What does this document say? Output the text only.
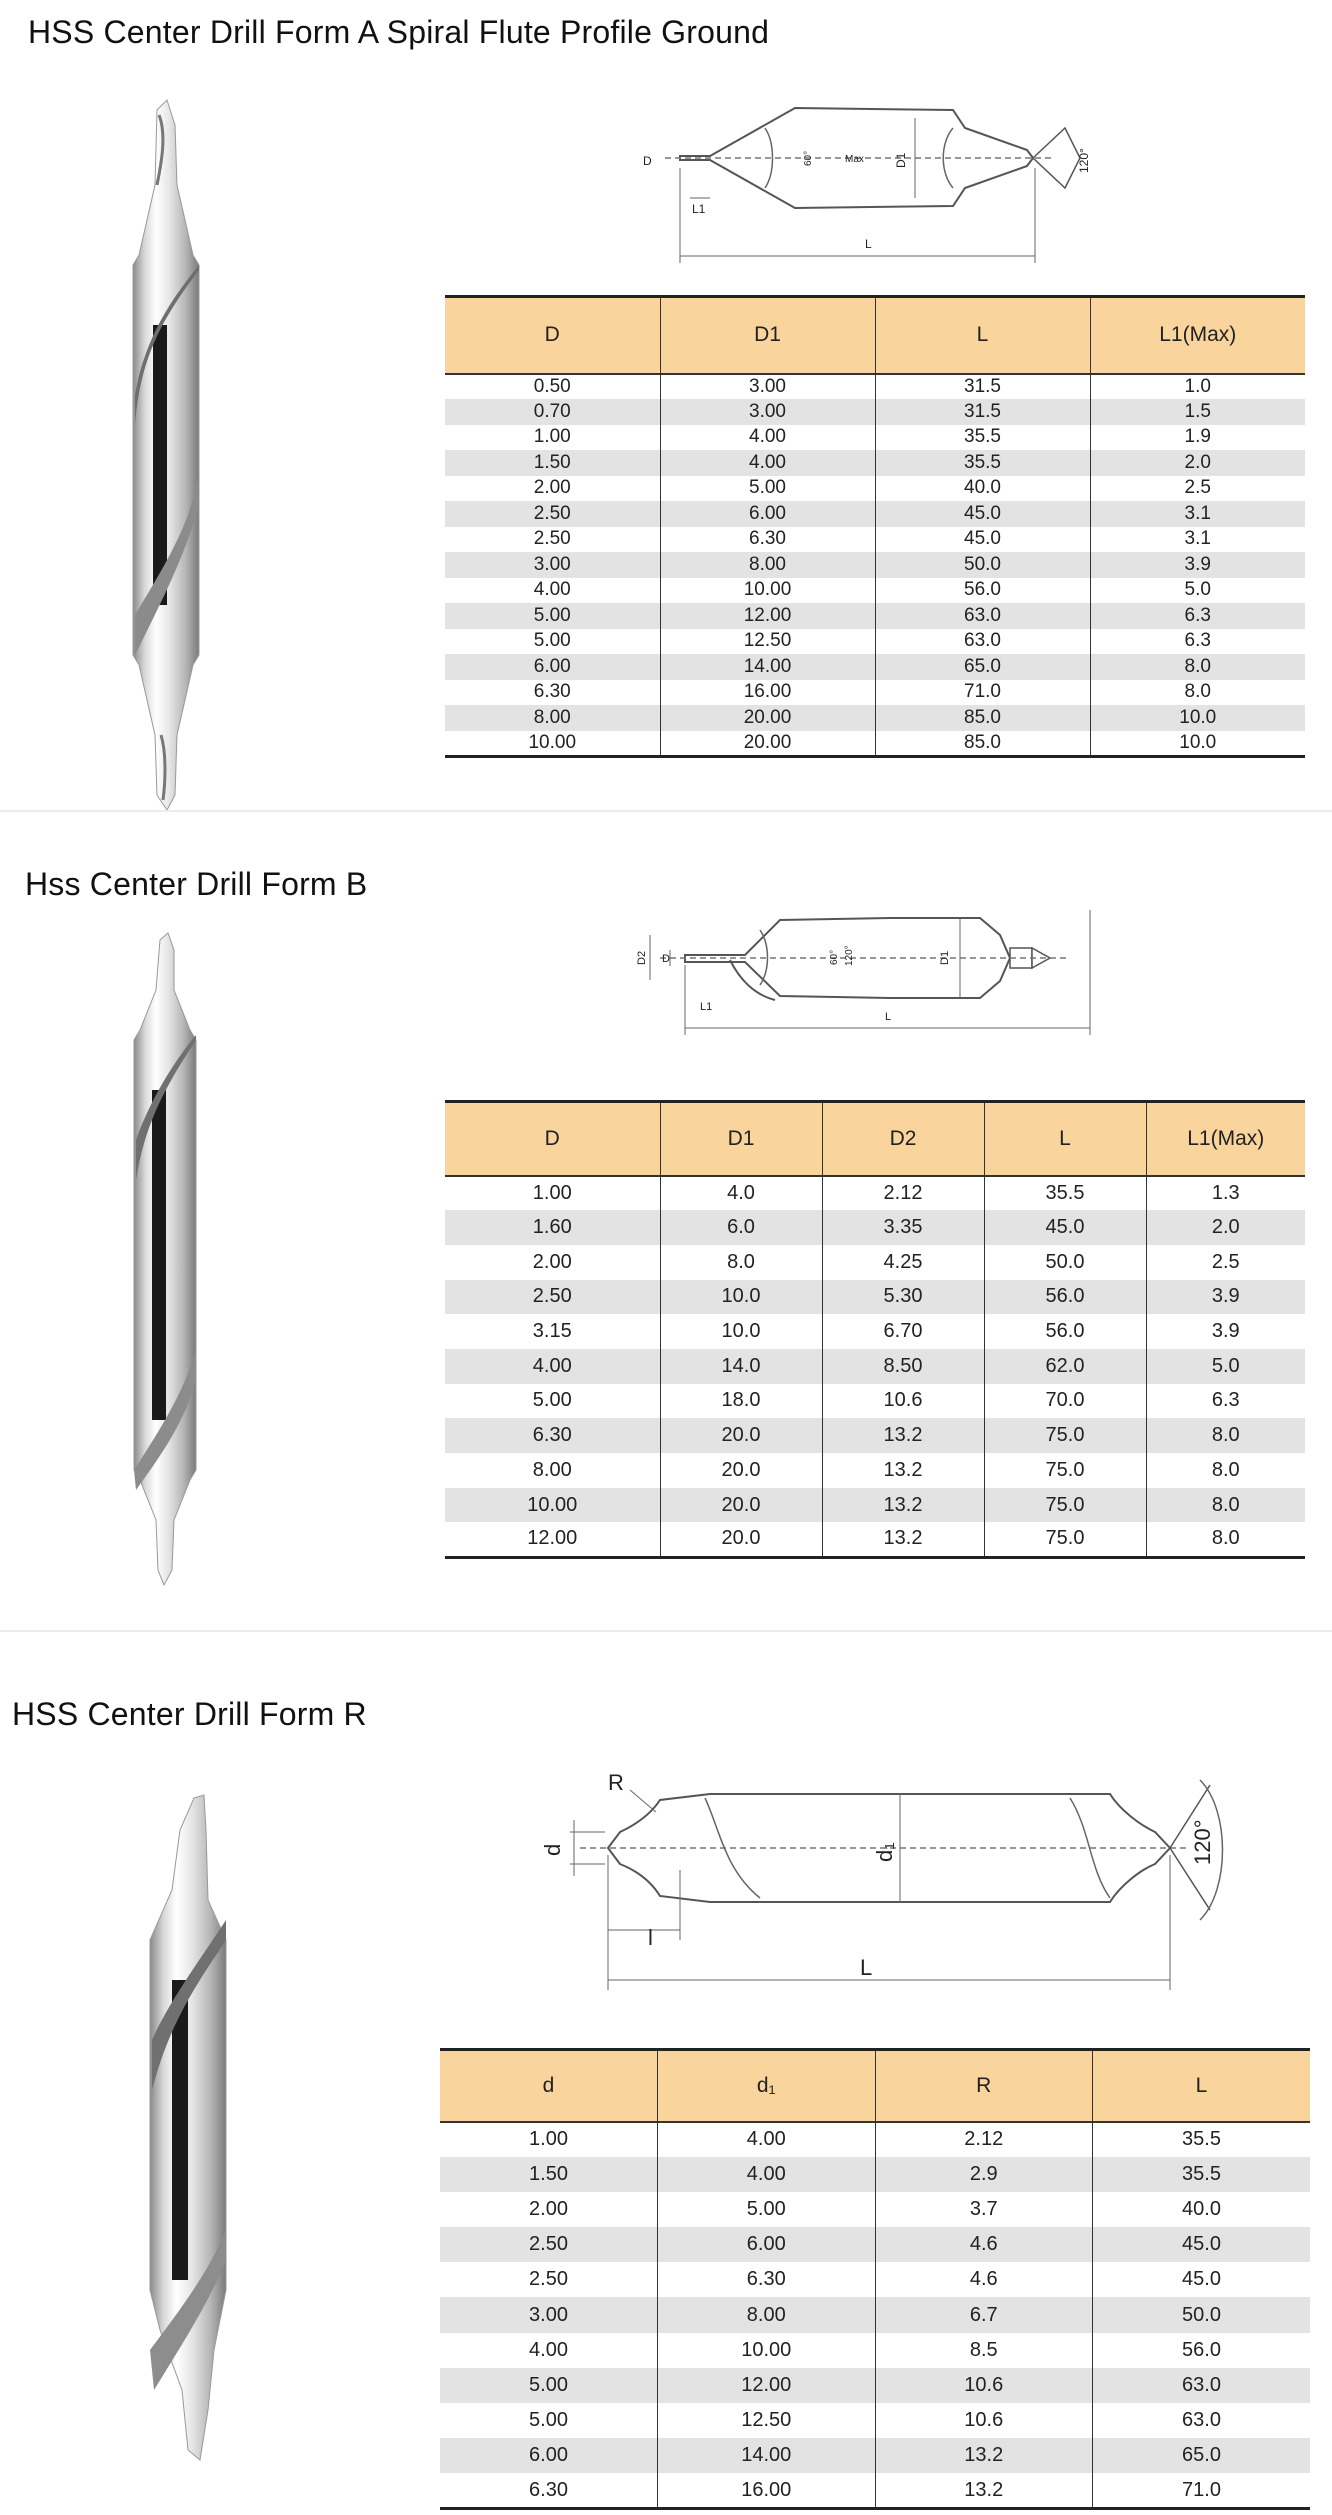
HSS Center Drill Form A Spiral Flute Profile Ground
D
L1
L
Max
60°	D1	120°
D	D1	L	L1(Max)
0.50	3.00	31.5	1.0
0.70	3.00	31.5	1.5
1.00	4.00	35.5	1.9
1.50	4.00	35.5	2.0
2.00	5.00	40.0	2.5
2.50	6.00	45.0	3.1
2.50	6.30	45.0	3.1
3.00	8.00	50.0	3.9
4.00	10.00	56.0	5.0
5.00	12.00	63.0	6.3
5.00	12.50	63.0	6.3
6.00	14.00	65.0	8.0
6.30	16.00	71.0	8.0
8.00	20.00	85.0	10.0
10.00	20.00	85.0	10.0
Hss Center Drill Form B
D2 D
L1
L
60° 120°	D1
D	D1	D2	L	L1(Max)
1.00	4.0	2.12	35.5	1.3
1.60	6.0	3.35	45.0	2.0
2.00	8.0	4.25	50.0	2.5
2.50	10.0	5.30	56.0	3.9
3.15	10.0	6.70	56.0	3.9
4.00	14.0	8.50	62.0	5.0
5.00	18.0	10.6	70.0	6.3
6.30	20.0	13.2	75.0	8.0
8.00	20.0	13.2	75.0	8.0
10.00	20.0	13.2	75.0	8.0
12.00	20.0	13.2	75.0	8.0
HSS Center Drill Form R
R
d	d₁
l
L
120°
d	d₁	R	L
1.00	4.00	2.12	35.5
1.50	4.00	2.9	35.5
2.00	5.00	3.7	40.0
2.50	6.00	4.6	45.0
2.50	6.30	4.6	45.0
3.00	8.00	6.7	50.0
4.00	10.00	8.5	56.0
5.00	12.00	10.6	63.0
5.00	12.50	10.6	63.0
6.00	14.00	13.2	65.0
6.30	16.00	13.2	71.0
